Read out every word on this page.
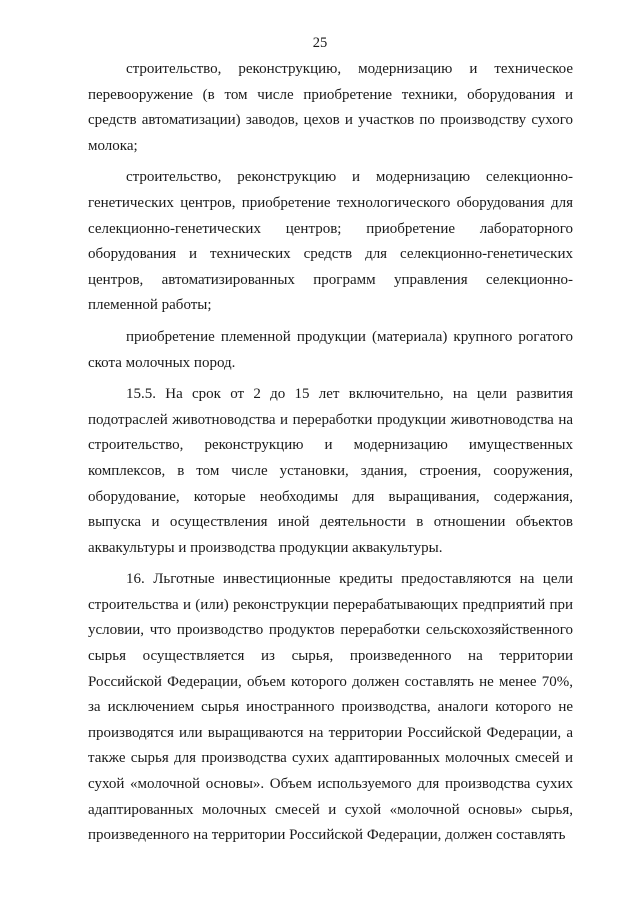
25

строительство, реконструкцию, модернизацию и техническое перевооружение (в том числе приобретение техники, оборудования и средств автоматизации) заводов, цехов и участков по производству сухого молока;

строительство, реконструкцию и модернизацию селекционно-генетических центров, приобретение технологического оборудования для селекционно-генетических центров; приобретение лабораторного оборудования и технических средств для селекционно-генетических центров, автоматизированных программ управления селекционно-племенной работы;

приобретение племенной продукции (материала) крупного рогатого скота молочных пород.

15.5. На срок от 2 до 15 лет включительно, на цели развития подотраслей животноводства и переработки продукции животноводства на строительство, реконструкцию и модернизацию имущественных комплексов, в том числе установки, здания, строения, сооружения, оборудование, которые необходимы для выращивания, содержания, выпуска и осуществления иной деятельности в отношении объектов аквакультуры и производства продукции аквакультуры.

16. Льготные инвестиционные кредиты предоставляются на цели строительства и (или) реконструкции перерабатывающих предприятий при условии, что производство продуктов переработки сельскохозяйственного сырья осуществляется из сырья, произведенного на территории Российской Федерации, объем которого должен составлять не менее 70%, за исключением сырья иностранного производства, аналоги которого не производятся или выращиваются на территории Российской Федерации, а также сырья для производства сухих адаптированных молочных смесей и сухой «молочной основы». Объем используемого для производства сухих адаптированных молочных смесей и сухой «молочной основы» сырья, произведенного на территории Российской Федерации, должен составлять
